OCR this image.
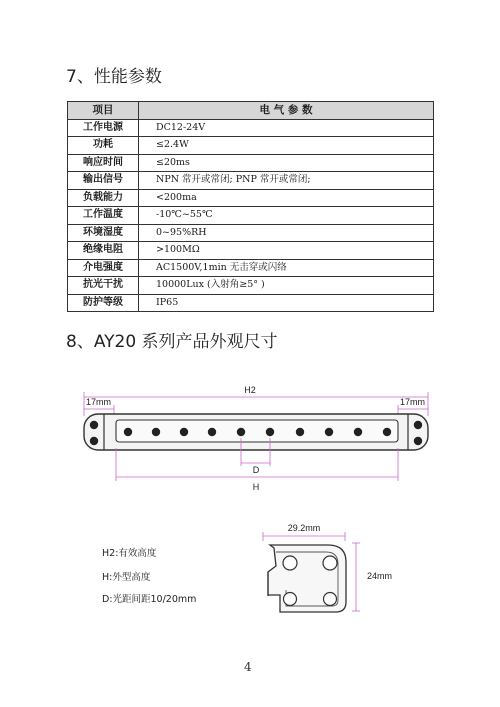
7、性能参数
项目	电 气 参 数
工作电源	DC12-24V
功耗	≤2.4W
响应时间	≤20ms
输出信号	NPN 常开或常闭; PNP 常开或常闭;
负载能力	<200ma
工作温度	-10℃~55℃
环境湿度	0~95%RH
绝缘电阻	>100MΩ
介电强度	AC1500V,1min 无击穿或闪络
抗光干扰	10000Lux (入射角≥5° )
防护等级	IP65
8、AY20 系列产品外观尺寸
H2
17mm	17mm
D
H
29.2mm
24mm
H2:有效高度
H:外型高度
D:光距间距10/20mm
4
